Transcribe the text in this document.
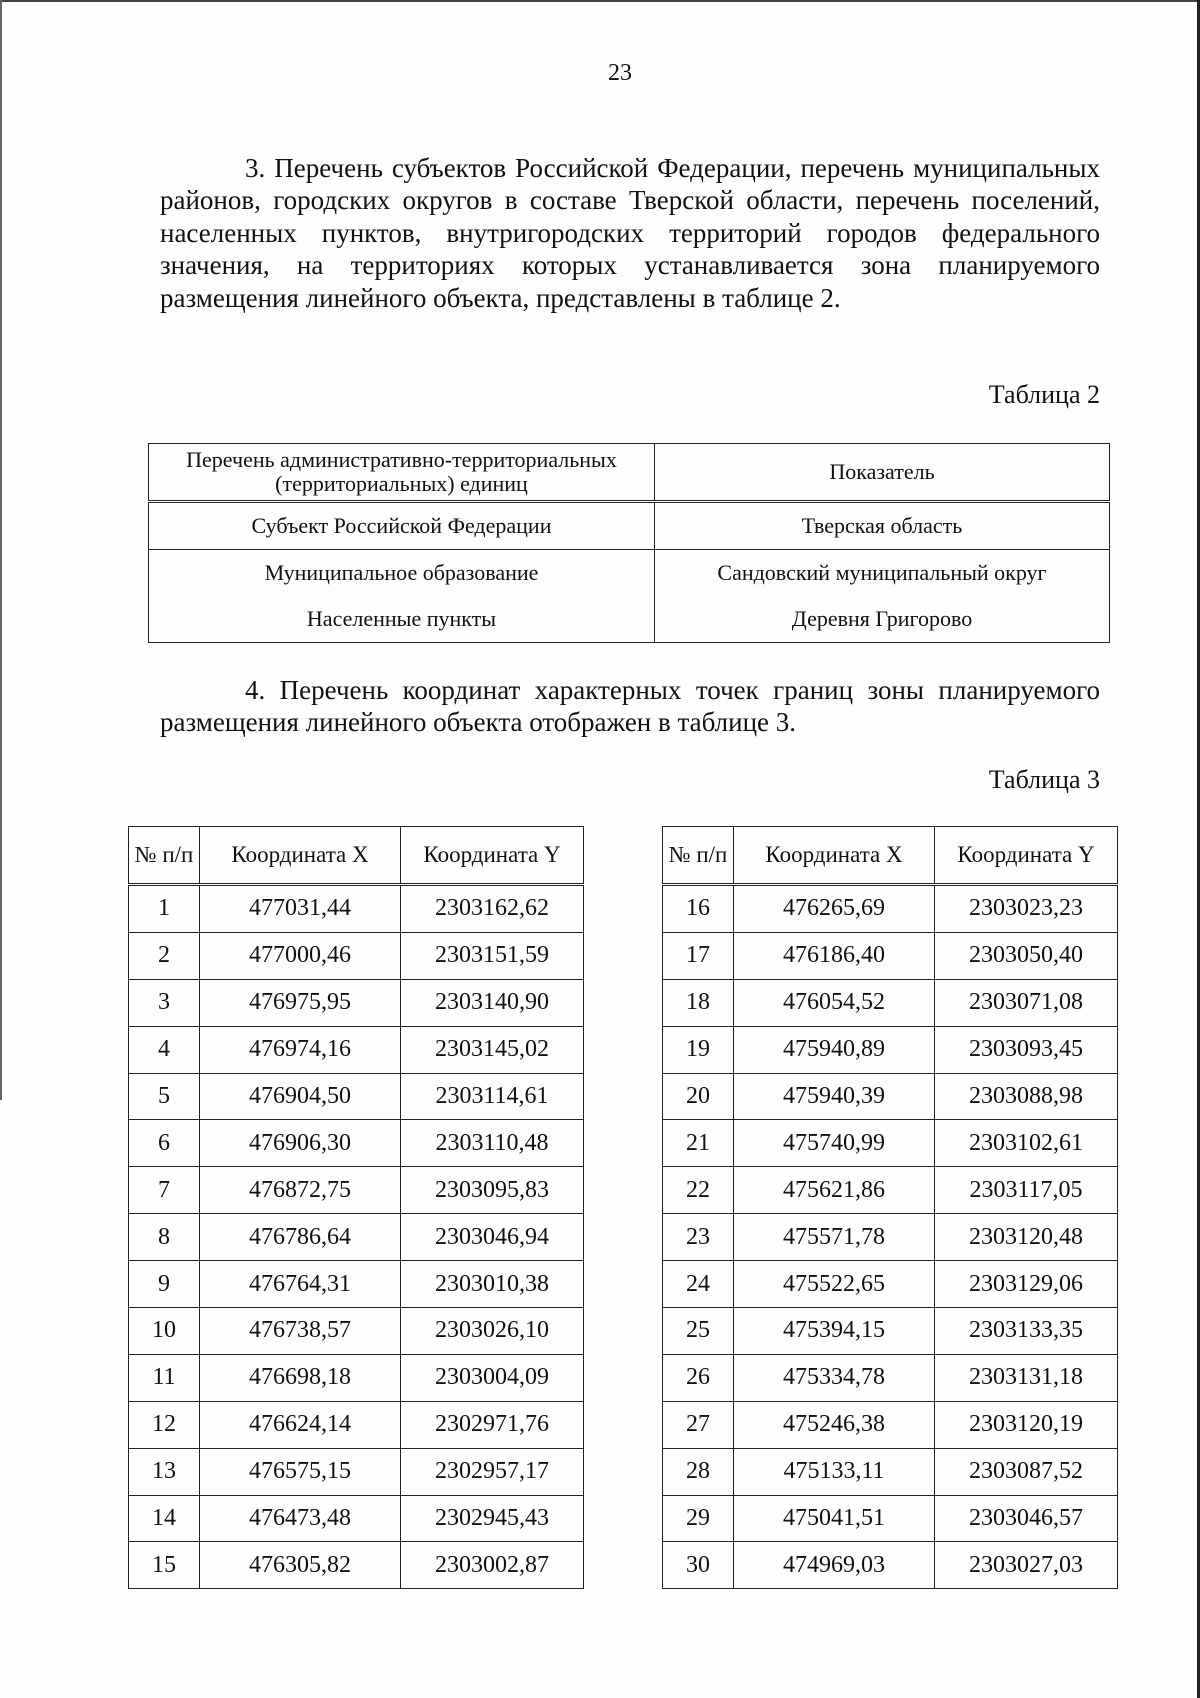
23
3. Перечень субъектов Российской Федерации, перечень муниципальных районов, городских округов в составе Тверской области, перечень поселений, населенных пунктов, внутригородских территорий городов федерального значения, на территориях которых устанавливается зона планируемого размещения линейного объекта, представлены в таблице 2.
Таблица 2
Перечень административно-территориальных (территориальных) единиц	Показатель
Субъект Российской Федерации	Тверская область
Муниципальное образование	Сандовский муниципальный округ
Населенные пункты	Деревня Григорово
4. Перечень координат характерных точек границ зоны планируемого размещения линейного объекта отображен в таблице 3.
Таблица 3
№ п/п	Координата X	Координата Y
1	477031,44	2303162,62
2	477000,46	2303151,59
3	476975,95	2303140,90
4	476974,16	2303145,02
5	476904,50	2303114,61
6	476906,30	2303110,48
7	476872,75	2303095,83
8	476786,64	2303046,94
9	476764,31	2303010,38
10	476738,57	2303026,10
11	476698,18	2303004,09
12	476624,14	2302971,76
13	476575,15	2302957,17
14	476473,48	2302945,43
15	476305,82	2303002,87
№ п/п	Координата X	Координата Y
16	476265,69	2303023,23
17	476186,40	2303050,40
18	476054,52	2303071,08
19	475940,89	2303093,45
20	475940,39	2303088,98
21	475740,99	2303102,61
22	475621,86	2303117,05
23	475571,78	2303120,48
24	475522,65	2303129,06
25	475394,15	2303133,35
26	475334,78	2303131,18
27	475246,38	2303120,19
28	475133,11	2303087,52
29	475041,51	2303046,57
30	474969,03	2303027,03
